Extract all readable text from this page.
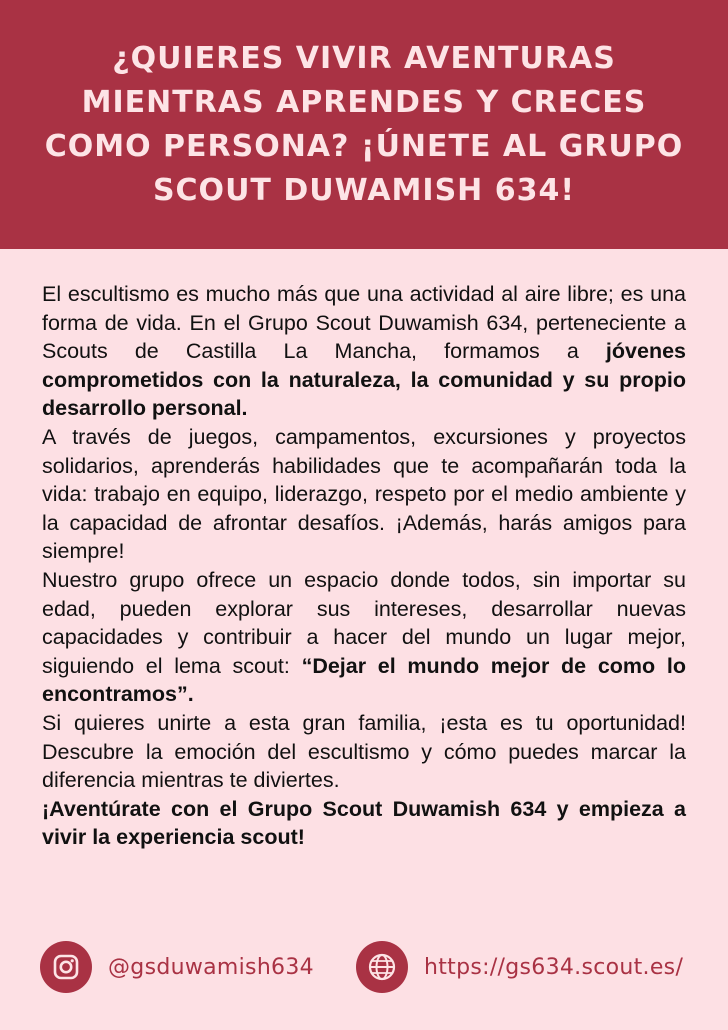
¿QUIERES VIVIR AVENTURAS MIENTRAS APRENDES Y CRECES COMO PERSONA? ¡ÚNETE AL GRUPO SCOUT DUWAMISH 634!

El escultismo es mucho más que una actividad al aire libre; es una forma de vida. En el Grupo Scout Duwamish 634, perteneciente a Scouts de Castilla La Mancha, formamos a jóvenes comprometidos con la naturaleza, la comunidad y su propio desarrollo personal.

A través de juegos, campamentos, excursiones y proyectos solidarios, aprenderás habilidades que te acompañarán toda la vida: trabajo en equipo, liderazgo, respeto por el medio ambiente y la capacidad de afrontar desafíos. ¡Además, harás amigos para siempre!

Nuestro grupo ofrece un espacio donde todos, sin importar su edad, pueden explorar sus intereses, desarrollar nuevas capacidades y contribuir a hacer del mundo un lugar mejor, siguiendo el lema scout: “Dejar el mundo mejor de como lo encontramos”.

Si quieres unirte a esta gran familia, ¡esta es tu oportunidad! Descubre la emoción del escultismo y cómo puedes marcar la diferencia mientras te diviertes.

¡Aventúrate con el Grupo Scout Duwamish 634 y empieza a vivir la experiencia scout!

@gsduwamish634	https://gs634.scout.es/
